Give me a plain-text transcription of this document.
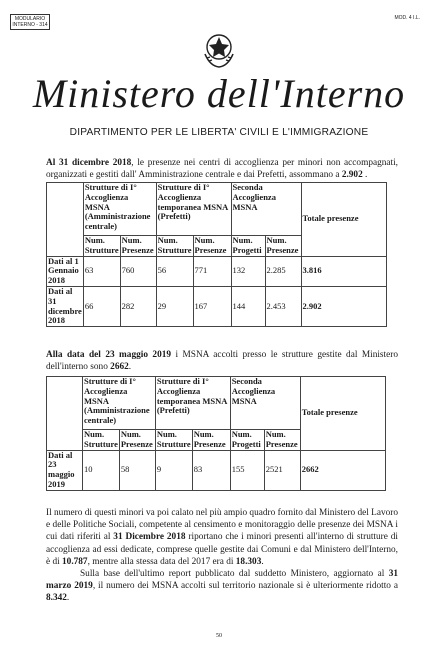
MODULARIO
INTERNO - 314
MOD. 4 I.L.
Ministero dell'Interno
DIPARTIMENTO PER LE LIBERTA' CIVILI E L'IMMIGRAZIONE
Al 31 dicembre 2018, le presenze nei centri di accoglienza per minori non accompagnati, organizzati e gestiti dall' Amministrazione centrale e dai Prefetti, assommano a 2.902 .
	Strutture di I° Accoglienza MSNA (Amministrazione centrale)		Strutture di I° Accoglienza temporanea MSNA (Prefetti)		Seconda Accoglienza MSNA		Totale presenze
	Num. Strutture	Num. Presenze	Num. Strutture	Num. Presenze	Num. Progetti	Num. Presenze	
Dati al 1 Gennaio 2018	63	760	56	771	132	2.285	3.816
Dati al 31 dicembre 2018	66	282	29	167	144	2.453	2.902
Alla data del 23 maggio 2019 i MSNA accolti presso le strutture gestite dal Ministero dell'interno sono 2662.
	Strutture di I° Accoglienza MSNA (Amministrazione centrale)		Strutture di I° Accoglienza temporanea MSNA (Prefetti)		Seconda Accoglienza MSNA		Totale presenze
	Num. Strutture	Num. Presenze	Num. Strutture	Num. Presenze	Num. Progetti	Num. Presenze	
Dati al 23 maggio 2019	10	58	9	83	155	2521	2662
Il numero di questi minori va poi calato nel più ampio quadro fornito dal Ministero del Lavoro e delle Politiche Sociali, competente al censimento e monitoraggio delle presenze dei MSNA i cui dati riferiti al 31 Dicembre 2018 riportano che i minori presenti all'interno di strutture di accoglienza ad essi dedicate, comprese quelle gestite dai Comuni e dal Ministero dell'Interno, è di 10.787, mentre alla stessa data del 2017 era di 18.303.
Sulla base dell'ultimo report pubblicato dal suddetto Ministero, aggiornato al 31 marzo 2019, il numero dei MSNA accolti sul territorio nazionale si è ulteriormente ridotto a 8.342.
50
